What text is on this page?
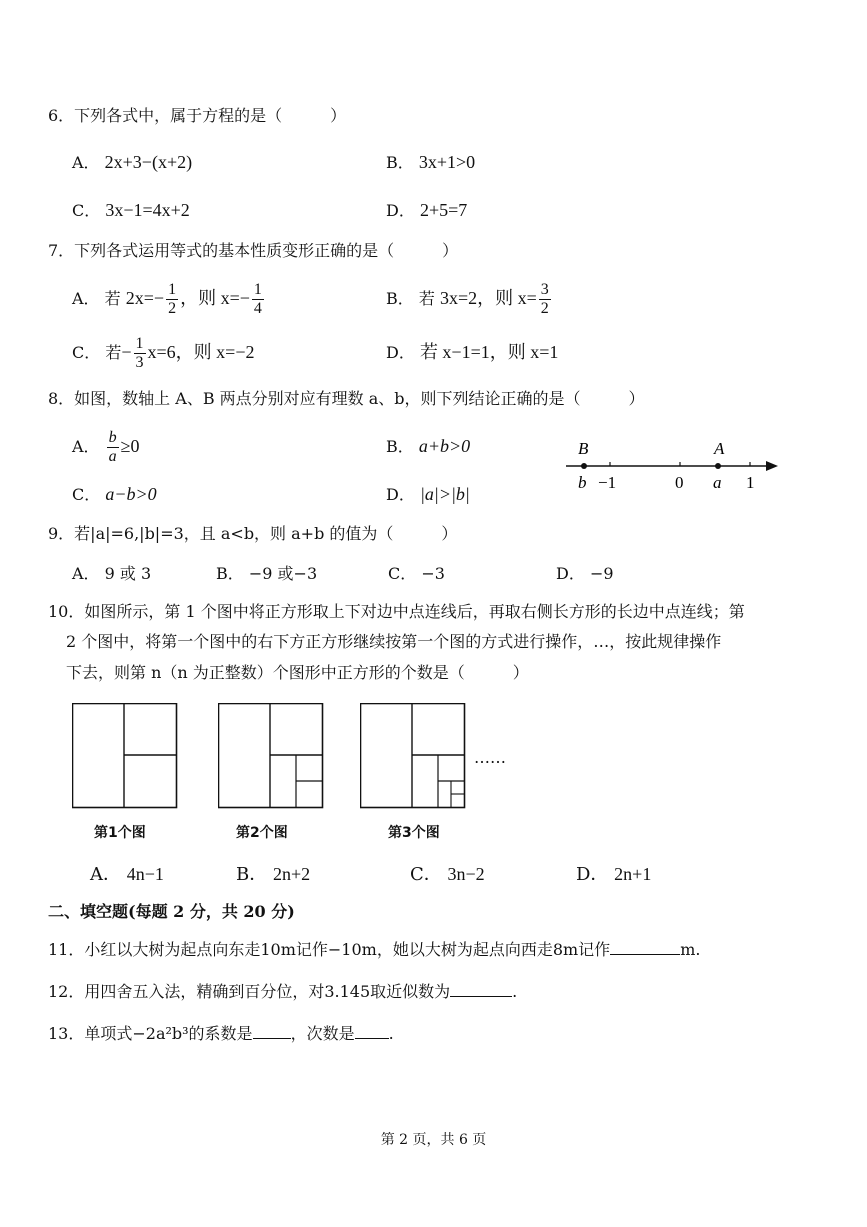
6．下列各式中，属于方程的是（　　　）
A． 2x+3−(x+2)	B． 3x+1>0
C． 3x−1=4x+2	D． 2+5=7
7．下列各式运用等式的基本性质变形正确的是（　　　）
A． 若 $2x=- \frac{1}{2}$ ，则 $x=- \frac{1}{4}$	B． 若 3x=2，则 $x= \frac{3}{2}$
C． 若− $\frac{1}{3} x=6$，则 x=−2	D． 若 x−1=1，则 x=1
8．如图，数轴上 A、B 两点分别对应有理数 a、b，则下列结论正确的是（　　　）
A． $\frac{b}{a} \ge 0$	B． a+b>0
C． a−b>0	D． |a|>|b|
B	A
b −1	0 a 1
9．若|a|=6,|b|=3，且 a<b，则 a+b 的值为（　　　）
A． 9 或 3	B． −9 或−3	C． −3	D． −9
10．如图所示，第 1 个图中将正方形取上下对边中点连线后，再取右侧长方形的长边中点连线；第
2 个图中，将第一个图中的右下方正方形继续按第一个图的方式进行操作，…，按此规律操作
下去，则第 n（n 为正整数）个图形中正方形的个数是（　　　）
……
第1个图	第2个图	第3个图
A． 4n−1	B． 2n+2	C． 3n−2	D． 2n+1
二、填空题(每题 2 分，共 20 分)
11．小红以大树为起点向东走10m记作−10m，她以大树为起点向西走8m记作	m.
12．用四舍五入法，精确到百分位，对3.145取近似数为	.
13．单项式−2a²b³的系数是 ，次数是 .
第 2 页，共 6 页
